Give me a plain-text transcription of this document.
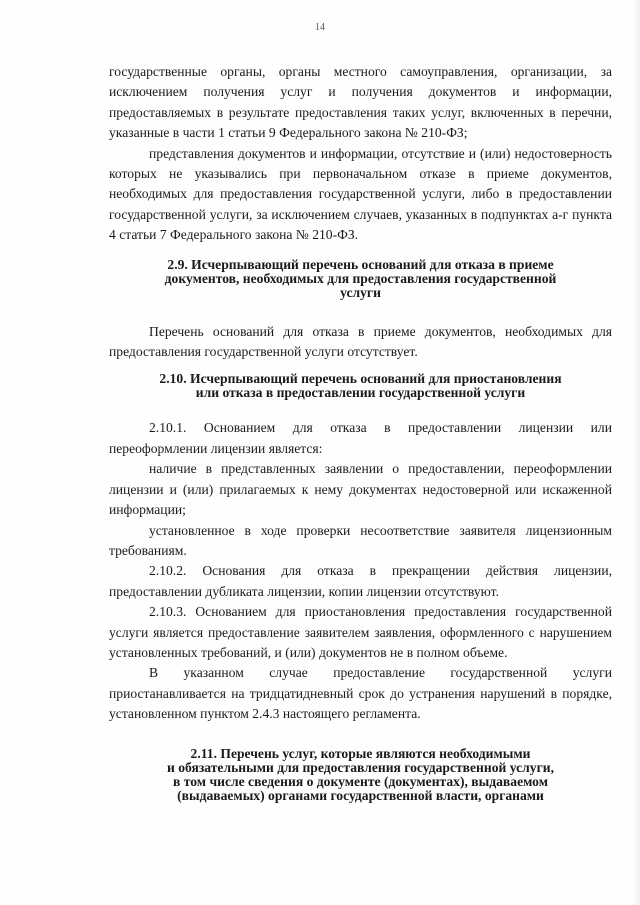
14

государственные органы, органы местного самоуправления, организации, за исключением получения услуг и получения документов и информации, предоставляемых в результате предоставления таких услуг, включенных в перечни, указанные в части 1 статьи 9 Федерального закона № 210-ФЗ;

представления документов и информации, отсутствие и (или) недостоверность которых не указывались при первоначальном отказе в приеме документов, необходимых для предоставления государственной услуги, либо в предоставлении государственной услуги, за исключением случаев, указанных в подпунктах а-г пункта 4 статьи 7 Федерального закона № 210-ФЗ.

2.9. Исчерпывающий перечень оснований для отказа в приеме

документов, необходимых для предоставления государственной

услуги

Перечень оснований для отказа в приеме документов, необходимых для предоставления государственной услуги отсутствует.

2.10. Исчерпывающий перечень оснований для приостановления

или отказа в предоставлении государственной услуги

2.10.1. Основанием для отказа в предоставлении лицензии или переоформлении лицензии является:

наличие в представленных заявлении о предоставлении, переоформлении лицензии и (или) прилагаемых к нему документах недостоверной или искаженной информации;

установленное в ходе проверки несоответствие заявителя лицензионным требованиям.

2.10.2. Основания для отказа в прекращении действия лицензии, предоставлении дубликата лицензии, копии лицензии отсутствуют.

2.10.3. Основанием для приостановления предоставления государственной услуги является предоставление заявителем заявления, оформленного с нарушением установленных требований, и (или) документов не в полном объеме.

В указанном случае предоставление государственной услуги приостанавливается на тридцатидневный срок до устранения нарушений в порядке, установленном пунктом 2.4.3 настоящего регламента.

2.11. Перечень услуг, которые являются необходимыми

и обязательными для предоставления государственной услуги,

в том числе сведения о документе (документах), выдаваемом

(выдаваемых) органами государственной власти, органами
